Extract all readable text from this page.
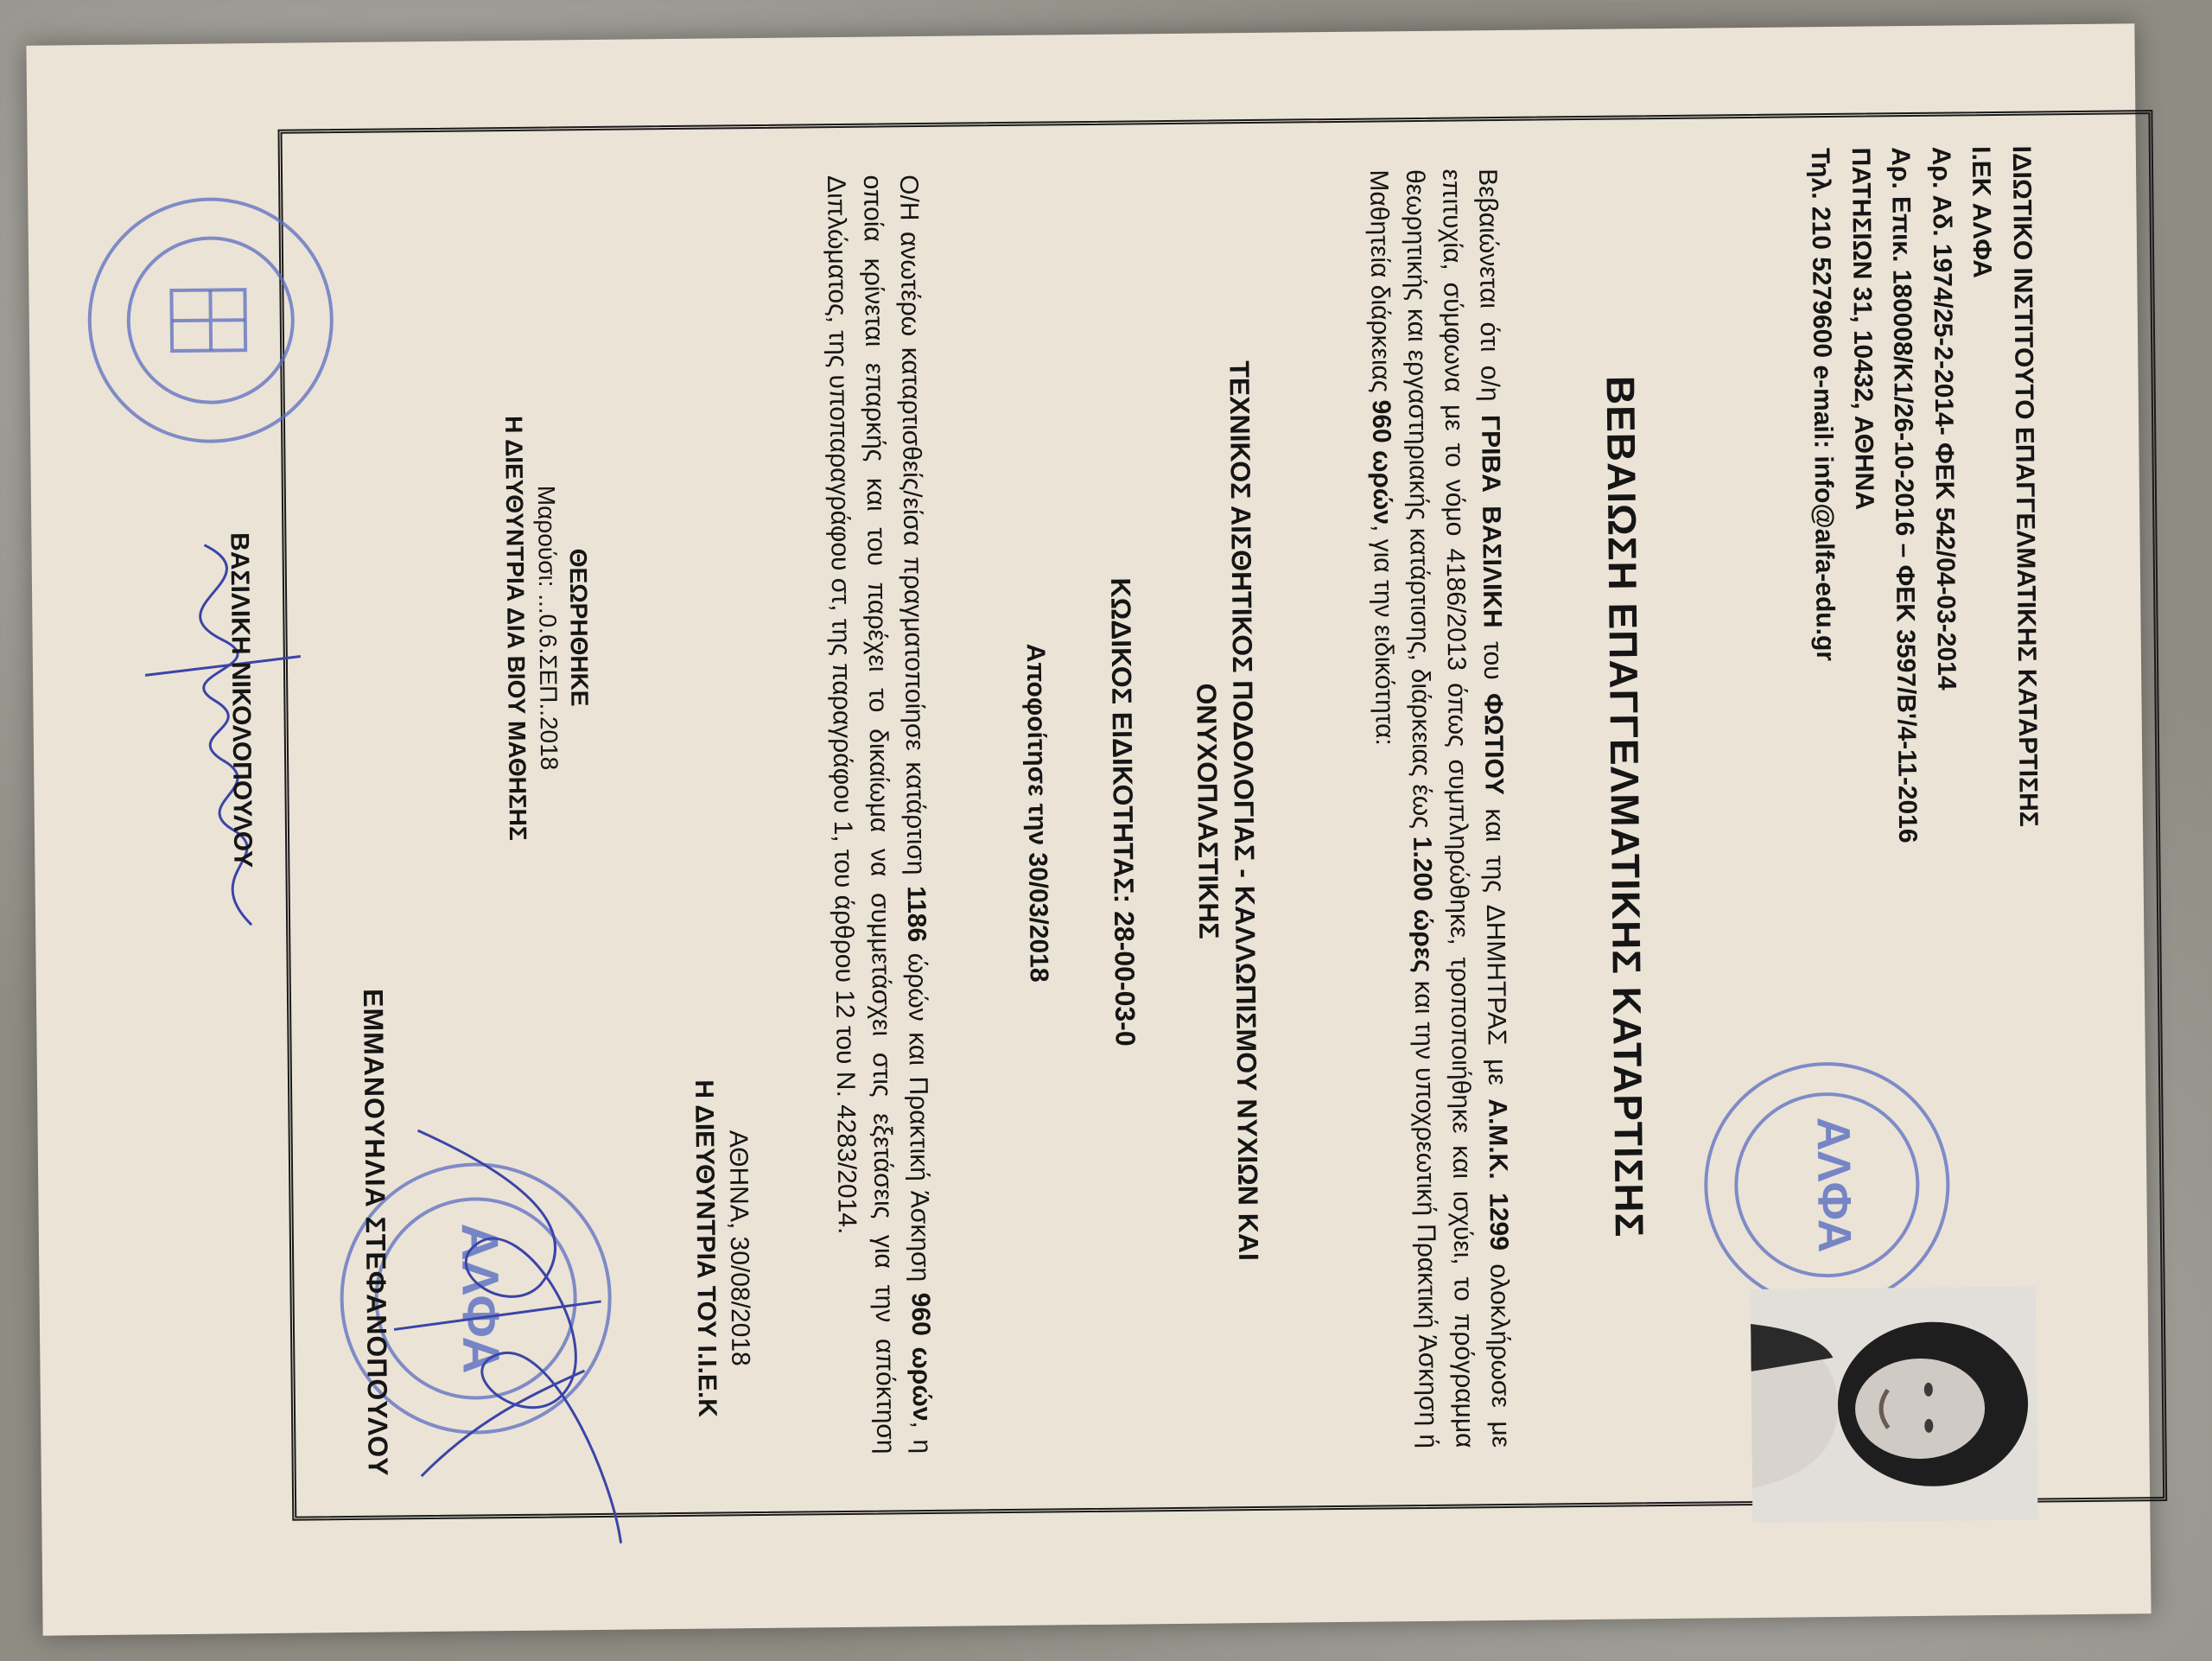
ΙΔΙΩΤΙΚΟ ΙΝΣΤΙΤΟΥΤΟ ΕΠΑΓΓΕΛΜΑΤΙΚΗΣ ΚΑΤΑΡΤΙΣΗΣ
Ι.ΕΚ ΑΛΦΑ
Αρ. Αδ. 1974/25-2-2014- ΦΕΚ 542/04-03-2014
Αρ. Επικ. 180008/Κ1/26-10-2016 – ΦΕΚ 3597/Β'/4-11-2016
ΠΑΤΗΣΙΩΝ 31, 10432, ΑΘΗΝΑ
Τηλ. 210 5279600 e-mail: info@alfa-edu.gr
ΑΛΦΑ
ΒΕΒΑΙΩΣΗ ΕΠΑΓΓΕΛΜΑΤΙΚΗΣ ΚΑΤΑΡΤΙΣΗΣ
Βεβαιώνεται ότι ο/η ΓΡΙΒΑ ΒΑΣΙΛΙΚΗ του ΦΩΤΙΟΥ και της ΔΗΜΗΤΡΑΣ με Α.Μ.Κ. 1299 ολοκλήρωσε με επιτυχία, σύμφωνα με το νόμο 4186/2013 όπως συμπληρώθηκε, τροποποιήθηκε και ισχύει, το πρόγραμμα θεωρητικής και εργαστηριακής κατάρτισης, διάρκειας έως 1.200 ώρες και την υποχρεωτική Πρακτική Άσκηση ή Μαθητεία διάρκειας 960 ωρών, για την ειδικότητα:
ΤΕΧΝΙΚΟΣ ΑΙΣΘΗΤΙΚΟΣ ΠΟΔΟΛΟΓΙΑΣ - ΚΑΛΛΩΠΙΣΜΟΥ ΝΥΧΙΩΝ ΚΑΙ
ΟΝΥΧΟΠΛΑΣΤΙΚΗΣ
ΚΩΔΙΚΟΣ ΕΙΔΙΚΟΤΗΤΑΣ: 28-00-03-0
Αποφοίτησε την 30/03/2018
Ο/Η ανωτέρω καταρτισθείς/είσα πραγματοποίησε κατάρτιση 1186 ώρών και Πρακτική Άσκηση 960 ωρών, η οποία κρίνεται επαρκής και του παρέχει το δικαίωμα να συμμετάσχει στις εξετάσεις για την απόκτηση Διπλώματος, της υποπαραγράφου στ, της παραγράφου 1, του άρθρου 12 του Ν. 4283/2014.
ΑΛΦΑ	ΑΘΗΝΑ, 30/08/2018
Η ΔΙΕΥΘΥΝΤΡΙΑ ΤΟΥ Ι.Ι.Ε.Κ
ΕΜΜΑΝΟΥΗΛΙΑ ΣΤΕΦΑΝΟΠΟΥΛΟΥ
ΘΕΩΡΗΘΗΚΕ
Μαρούσι: ...0.6.ΣΕΠ..2018
Η ΔΙΕΥΘΥΝΤΡΙΑ ΔΙΑ ΒΙΟΥ ΜΑΘΗΣΗΣ
ΒΑΣΙΛΙΚΗ ΝΙΚΟΛΟΠΟΥΛΟΥ
